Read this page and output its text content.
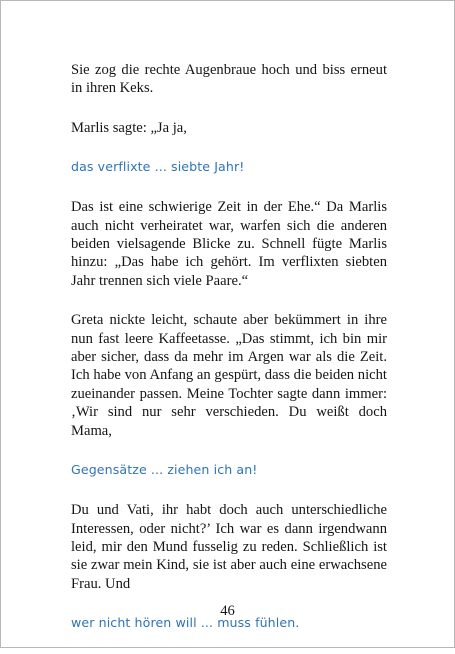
Sie zog die rechte Augenbraue hoch und biss erneut in ihren Keks.

Marlis sagte: „Ja ja,

das verflixte ... siebte Jahr!

Das ist eine schwierige Zeit in der Ehe.“ Da Marlis auch nicht verheiratet war, warfen sich die anderen beiden vielsagende Blicke zu. Schnell fügte Marlis hinzu: „Das habe ich gehört. Im verflixten siebten Jahr trennen sich viele Paare.“

Greta nickte leicht, schaute aber bekümmert in ihre nun fast leere Kaffeetasse. „Das stimmt, ich bin mir aber sicher, dass da mehr im Argen war als die Zeit. Ich habe von Anfang an gespürt, dass die beiden nicht zueinander passen. Meine Tochter sagte dann immer: ‚Wir sind nur sehr verschieden. Du weißt doch Mama,

Gegensätze ... ziehen ich an!

Du und Vati, ihr habt doch auch unterschiedliche Interessen, oder nicht?’ Ich war es dann irgendwann leid, mir den Mund fusselig zu reden. Schließlich ist sie zwar mein Kind, sie ist aber auch eine erwachsene Frau. Und

wer nicht hören will ... muss fühlen.

46
